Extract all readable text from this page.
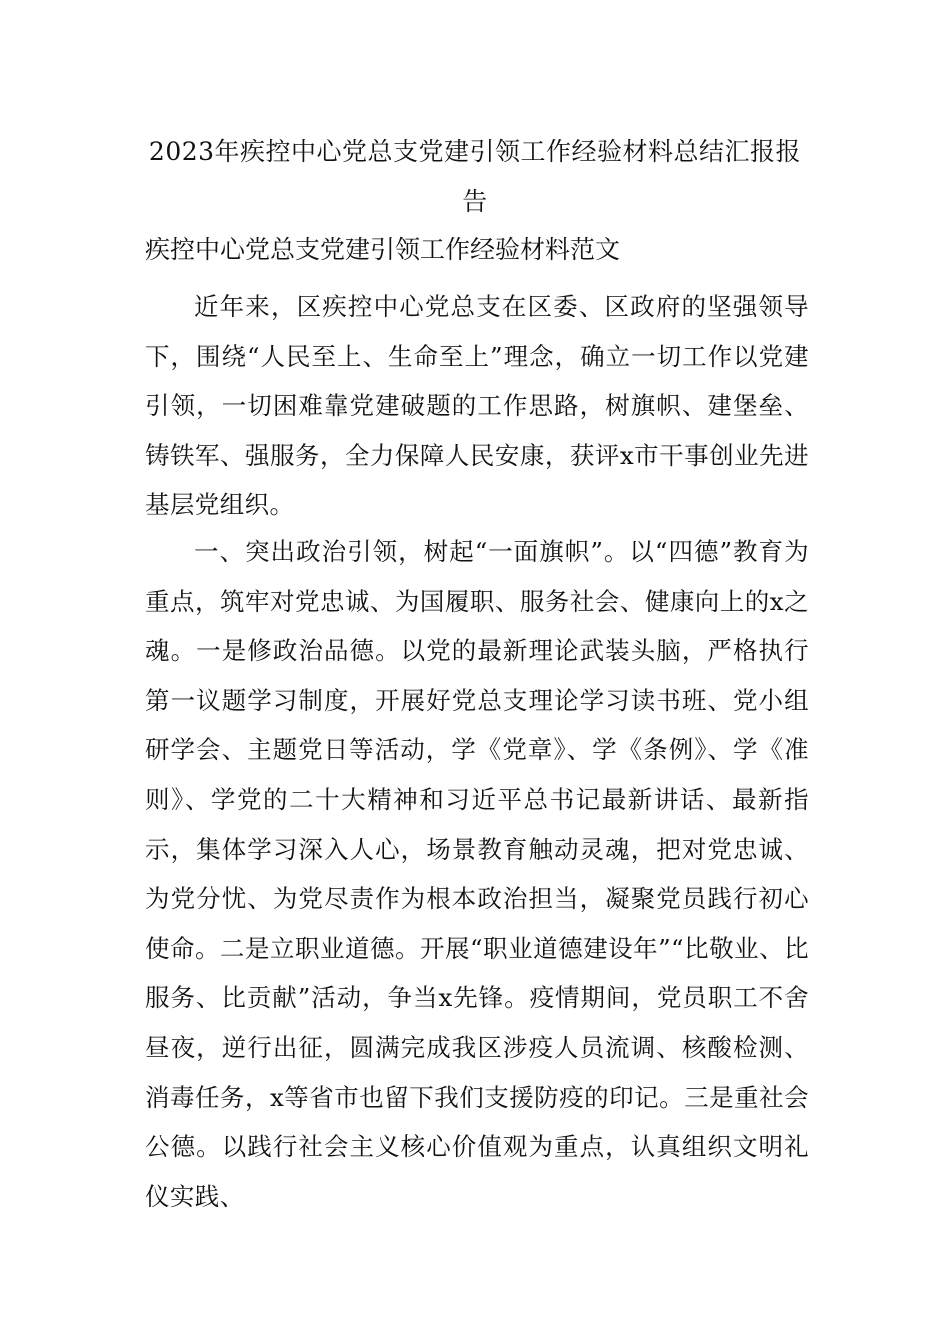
2023年疾控中心党总支党建引领工作经验材料总结汇报报告
疾控中心党总支党建引领工作经验材料范文

近年来，区疾控中心党总支在区委、区政府的坚强领导下，围绕“人民至上、生命至上”理念，确立一切工作以党建引领，一切困难靠党建破题的工作思路，树旗帜、建堡垒、铸铁军、强服务，全力保障人民安康，获评x市干事创业先进基层党组织。

一、突出政治引领，树起“一面旗帜”。以“四德”教育为重点，筑牢对党忠诚、为国履职、服务社会、健康向上的x之魂。一是修政治品德。以党的最新理论武装头脑，严格执行第一议题学习制度，开展好党总支理论学习读书班、党小组研学会、主题党日等活动，学《党章》、学《条例》、学《准则》、学党的二十大精神和习近平总书记最新讲话、最新指示，集体学习深入人心，场景教育触动灵魂，把对党忠诚、为党分忧、为党尽责作为根本政治担当，凝聚党员践行初心使命。二是立职业道德。开展“职业道德建设年”“比敬业、比服务、比贡献”活动，争当x先锋。疫情期间，党员职工不舍昼夜，逆行出征，圆满完成我区涉疫人员流调、核酸检测、消毒任务，x等省市也留下我们支援防疫的印记。三是重社会公德。以践行社会主义核心价值观为重点，认真组织文明礼仪实践、
